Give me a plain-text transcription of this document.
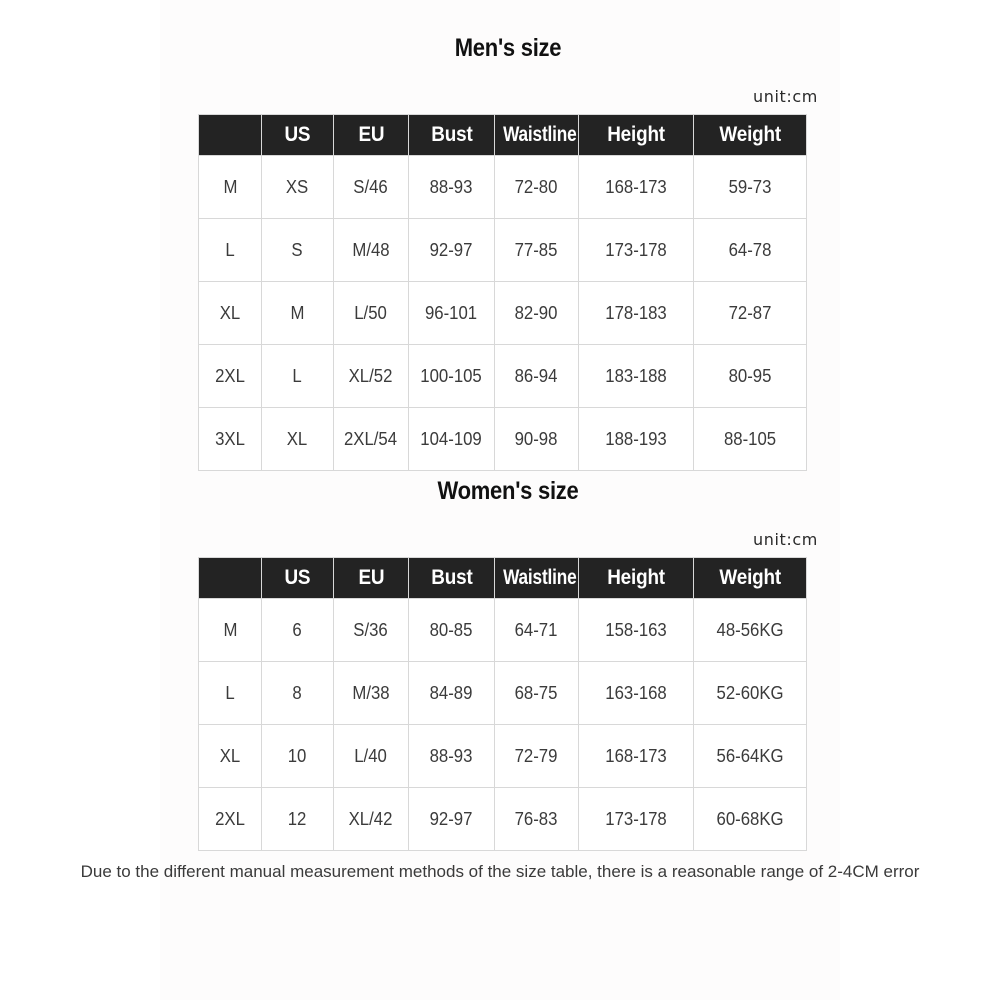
Men's size
unit:cm
	US	EU	Bust	Waistline	Height	Weight
M	XS	S/46	88-93	72-80	168-173	59-73
L	S	M/48	92-97	77-85	173-178	64-78
XL	M	L/50	96-101	82-90	178-183	72-87
2XL	L	XL/52	100-105	86-94	183-188	80-95
3XL	XL	2XL/54	104-109	90-98	188-193	88-105
Women's size
unit:cm
	US	EU	Bust	Waistline	Height	Weight
M	6	S/36	80-85	64-71	158-163	48-56KG
L	8	M/38	84-89	68-75	163-168	52-60KG
XL	10	L/40	88-93	72-79	168-173	56-64KG
2XL	12	XL/42	92-97	76-83	173-178	60-68KG
Due to the different manual measurement methods of the size table, there is a reasonable range of 2-4CM error
